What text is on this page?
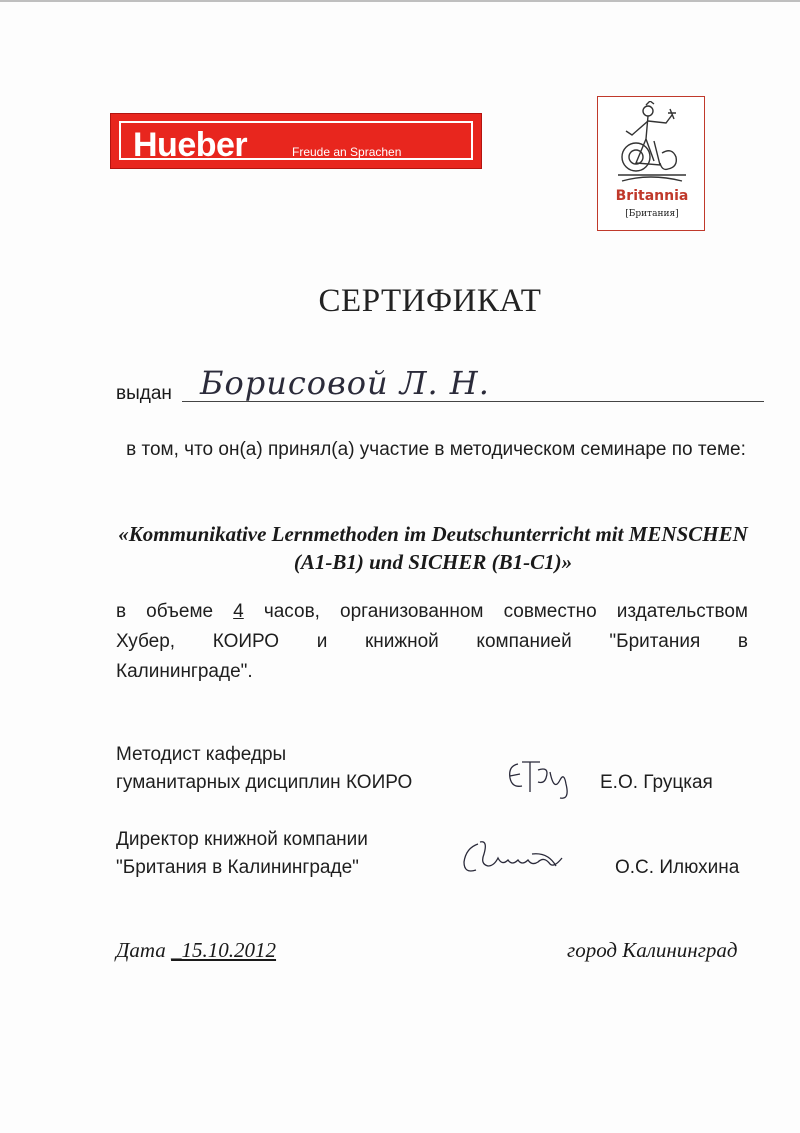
Hueber	Freude an Sprachen
Britannia
[Британия]
СЕРТИФИКАТ
выдан Борисовой Л. Н.
в том, что он(а) принял(а) участие в методическом семинаре по теме:
«Kommunikative Lernmethoden im Deutschunterricht mit MENSCHEN (A1-B1) und SICHER (B1-C1)»
в объеме 4 часов, организованном совместно издательством
Хубер, КОИРО и книжной компанией "Британия в
Калининграде".
Методист кафедры
гуманитарных дисциплин КОИРО	Е.О. Груцкая
Директор книжной компании
"Британия в Калининграде"	О.С. Илюхина
Дата _15.10.2012	город Калининград
